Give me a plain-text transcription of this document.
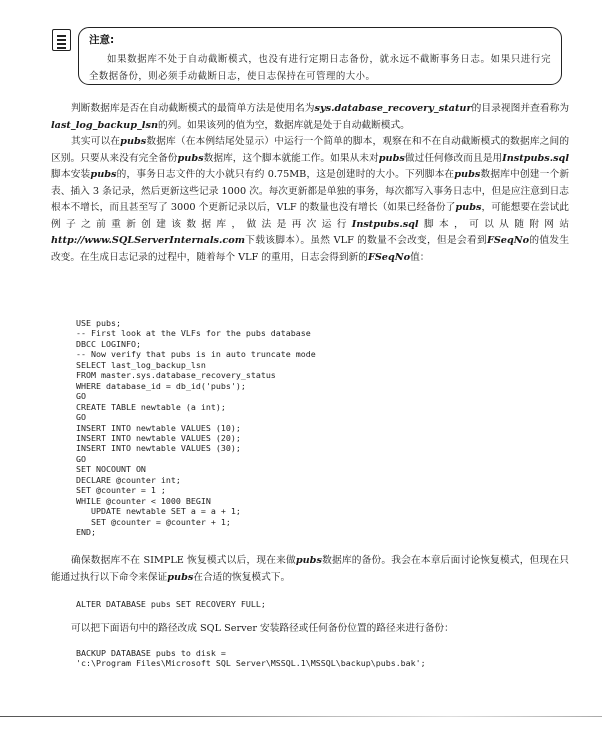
注意:

如果数据库不处于自动截断模式，也没有进行定期日志备份，就永远不截断事务日志。如果只进行完全数据备份，则必须手动截断日志，使日志保持在可管理的大小。

判断数据库是否在自动截断模式的最简单方法是使用名为sys.database_recovery_statur的目录视图并查看称为last_log_backup_lsn的列。如果该列的值为空，数据库就是处于自动截断模式。

其实可以在pubs数据库（在本例结尾处显示）中运行一个简单的脚本，观察在和不在自动截断模式的数据库之间的区别。只要从来没有完全备份pubs数据库，这个脚本就能工作。如果从未对pubs做过任何修改而且是用Instpubs.sql脚本安装pubs的，事务日志文件的大小就只有约 0.75MB，这是创建时的大小。下列脚本在pubs数据库中创建一个新表、插入 3 条记录，然后更新这些记录 1000 次。每次更新都是单独的事务，每次都写入事务日志中，但是应注意到日志根本不增长，而且甚至写了 3000 个更新记录以后，VLF 的数量也没有增长（如果已经备份了pubs，可能想要在尝试此例子之前重新创建该数据库，做法是再次运行Instpubs.sql脚本，可以从随附网站http://www.SQLServerInternals.com下载该脚本）。虽然 VLF 的数量不会改变，但是会看到FSeqNo的值发生改变。在生成日志记录的过程中，随着每个 VLF 的重用，日志会得到新的FSeqNo值：

USE pubs;
-- First look at the VLFs for the pubs database
DBCC LOGINFO;
-- Now verify that pubs is in auto truncate mode
SELECT last_log_backup_lsn
FROM master.sys.database_recovery_status
WHERE database_id = db_id('pubs');
GO
CREATE TABLE newtable (a int);
GO
INSERT INTO newtable VALUES (10);
INSERT INTO newtable VALUES (20);
INSERT INTO newtable VALUES (30);
GO
SET NOCOUNT ON
DECLARE @counter int;
SET @counter = 1 ;
WHILE @counter < 1000 BEGIN
UPDATE newtable SET a = a + 1;
SET @counter = @counter + 1;
END;

确保数据库不在 SIMPLE 恢复模式以后，现在来做pubs数据库的备份。我会在本章后面讨论恢复模式，但现在只能通过执行以下命令来保证pubs在合适的恢复模式下。

ALTER DATABASE pubs SET RECOVERY FULL;

可以把下面语句中的路径改成 SQL Server 安装路径或任何备份位置的路径来进行备份：

BACKUP DATABASE pubs to disk =
'c:\Program Files\Microsoft SQL Server\MSSQL.1\MSSQL\backup\pubs.bak';
